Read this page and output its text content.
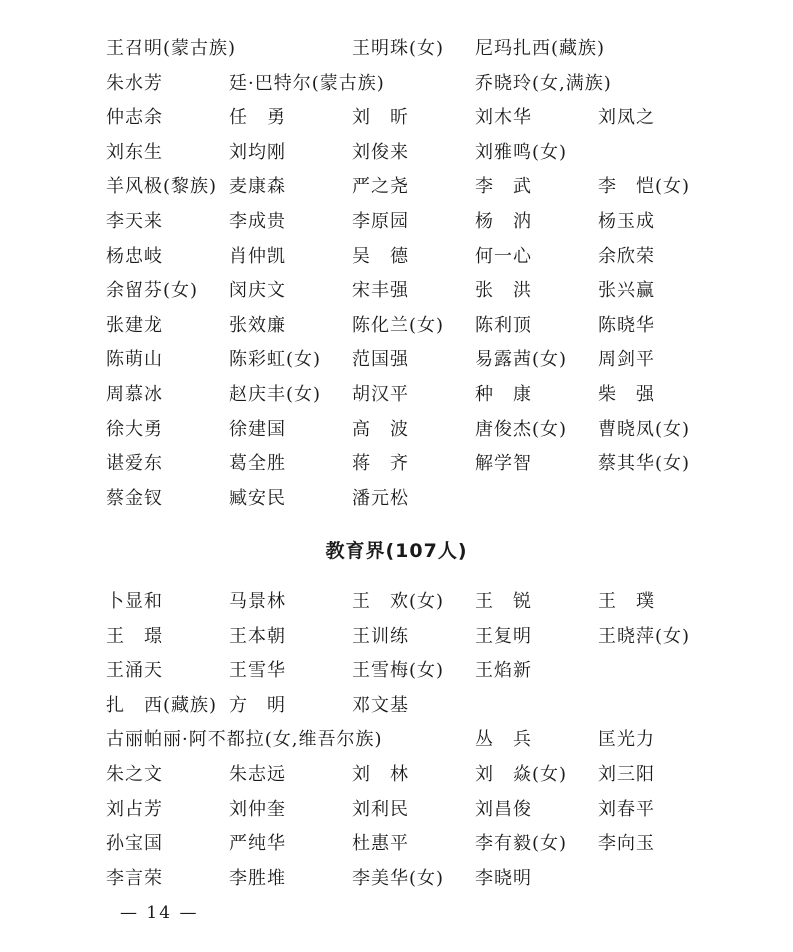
王召明(蒙古族)	王明珠(女) 尼玛扎西(藏族)
朱水芳	廷·巴特尔(蒙古族)	乔晓玲(女,满族)
仲志余	任　勇	刘　昕	刘木华	刘凤之
刘东生	刘均刚	刘俊来	刘雅鸣(女)
羊风极(黎族) 麦康森	严之尧	李　武	李　恺(女)
李天来	李成贵	李原园	杨　汭	杨玉成
杨忠岐	肖仲凯	吴　德	何一心	余欣荣
余留芬(女) 闵庆文	宋丰强	张　洪	张兴赢
张建龙	张效廉	陈化兰(女) 陈利顶	陈晓华
陈萌山	陈彩虹(女) 范国强	易露茜(女) 周剑平
周慕冰	赵庆丰(女) 胡汉平	种　康	柴　强
徐大勇	徐建国	高　波	唐俊杰(女) 曹晓凤(女)
谌爱东	葛全胜	蒋　齐	解学智	蔡其华(女)
蔡金钗	臧安民	潘元松
教育界(107人)
卜显和	马景林	王　欢(女) 王　锐	王　璞
王　璟	王本朝	王训练	王复明	王晓萍(女)
王涌天	王雪华	王雪梅(女) 王焰新
扎　西(藏族) 方　明	邓文基
古丽帕丽·阿不都拉(女,维吾尔族)	丛　兵	匡光力
朱之文	朱志远	刘　林	刘　焱(女) 刘三阳
刘占芳	刘仲奎	刘利民	刘昌俊	刘春平
孙宝国	严纯华	杜惠平	李有毅(女) 李向玉
李言荣	李胜堆	李美华(女) 李晓明
— 14 —
